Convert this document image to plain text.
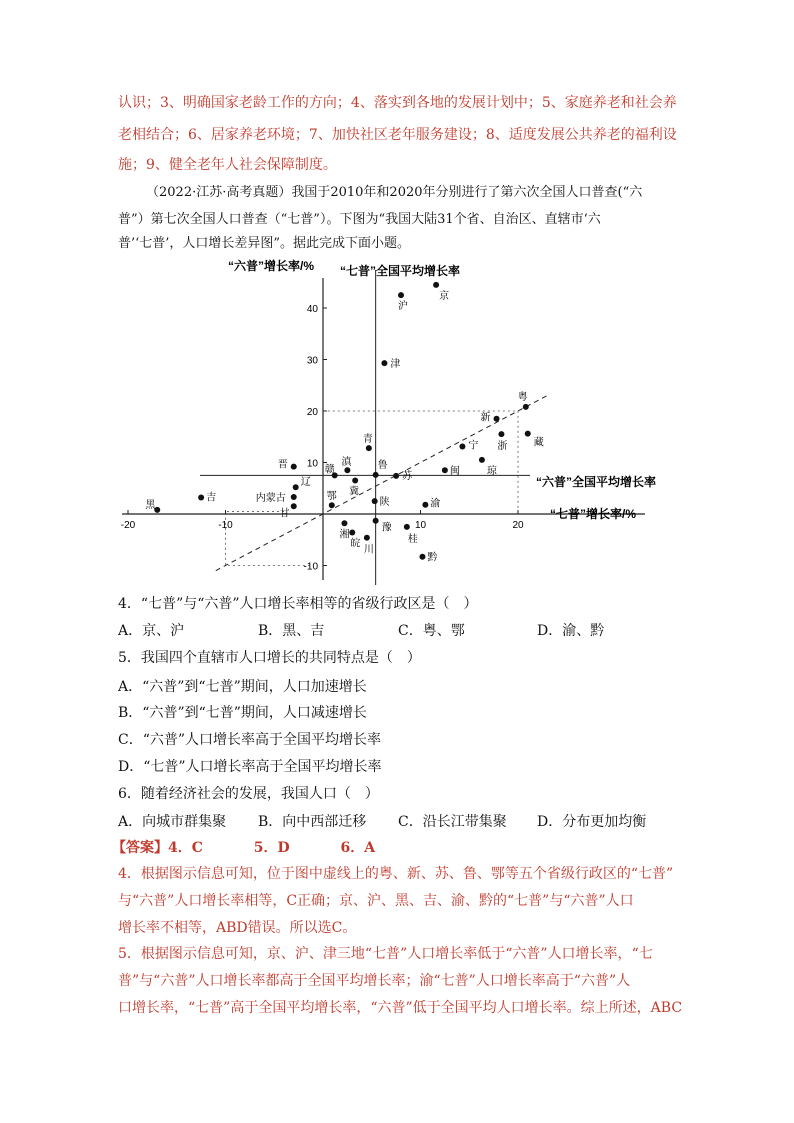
认识；3、明确国家老龄工作的方向；4、落实到各地的发展计划中；5、家庭养老和社会养
老相结合；6、居家养老环境；7、加快社区老年服务建设；8、适度发展公共养老的福利设
施；9、健全老年人社会保障制度。
（2022·江苏·高考真题）我国于2010年和2020年分别进行了第六次全国人口普查(“六
普”）第七次全国人口普查（“七普”）。下图为“我国大陆31个省、自治区、直辖市‘六
普’‘七普’，人口增长差异图”。据此完成下面小题。
-20	-10	10	20
-10
10
20
30
40
“七普”增长率/%
“六普”增长率/% “七普”全国平均增长率
“六普”全国平均增长率
京
沪
津
粤
新
藏
宁 浙
琼
闽
青
晋	滇
赣	鲁
苏
冀
辽
内蒙古
黑
吉
甘
陕	渝
鄂
湘
皖
豫
川
桂
黔
4．“七普”与“六普”人口增长率相等的省级行政区是（　）
A．京、沪	B．黑、吉	C．粤、鄂	D．渝、黔
5．我国四个直辖市人口增长的共同特点是（　）
A．“六普”到“七普”期间，人口加速增长
B．“六普”到“七普”期间，人口减速增长
C．“六普”人口增长率高于全国平均增长率
D．“七普”人口增长率高于全国平均增长率
6．随着经济社会的发展，我国人口（　）
A．向城市群集聚 B．向中西部迁移 C．沿长江带集聚 D．分布更加均衡
【答案】4．C	5．D	6．A
4．根据图示信息可知，位于图中虚线上的粤、新、苏、鲁、鄂等五个省级行政区的“七普”
与“六普”人口增长率相等，C正确；京、沪、黑、吉、渝、黔的“七普”与“六普”人口
增长率不相等，ABD错误。所以选C。
5．根据图示信息可知，京、沪、津三地“七普”人口增长率低于“六普”人口增长率，“七
普”与“六普”人口增长率都高于全国平均增长率；渝“七普”人口增长率高于“六普”人
口增长率，“七普”高于全国平均增长率，“六普”低于全国平均人口增长率。综上所述，ABC
